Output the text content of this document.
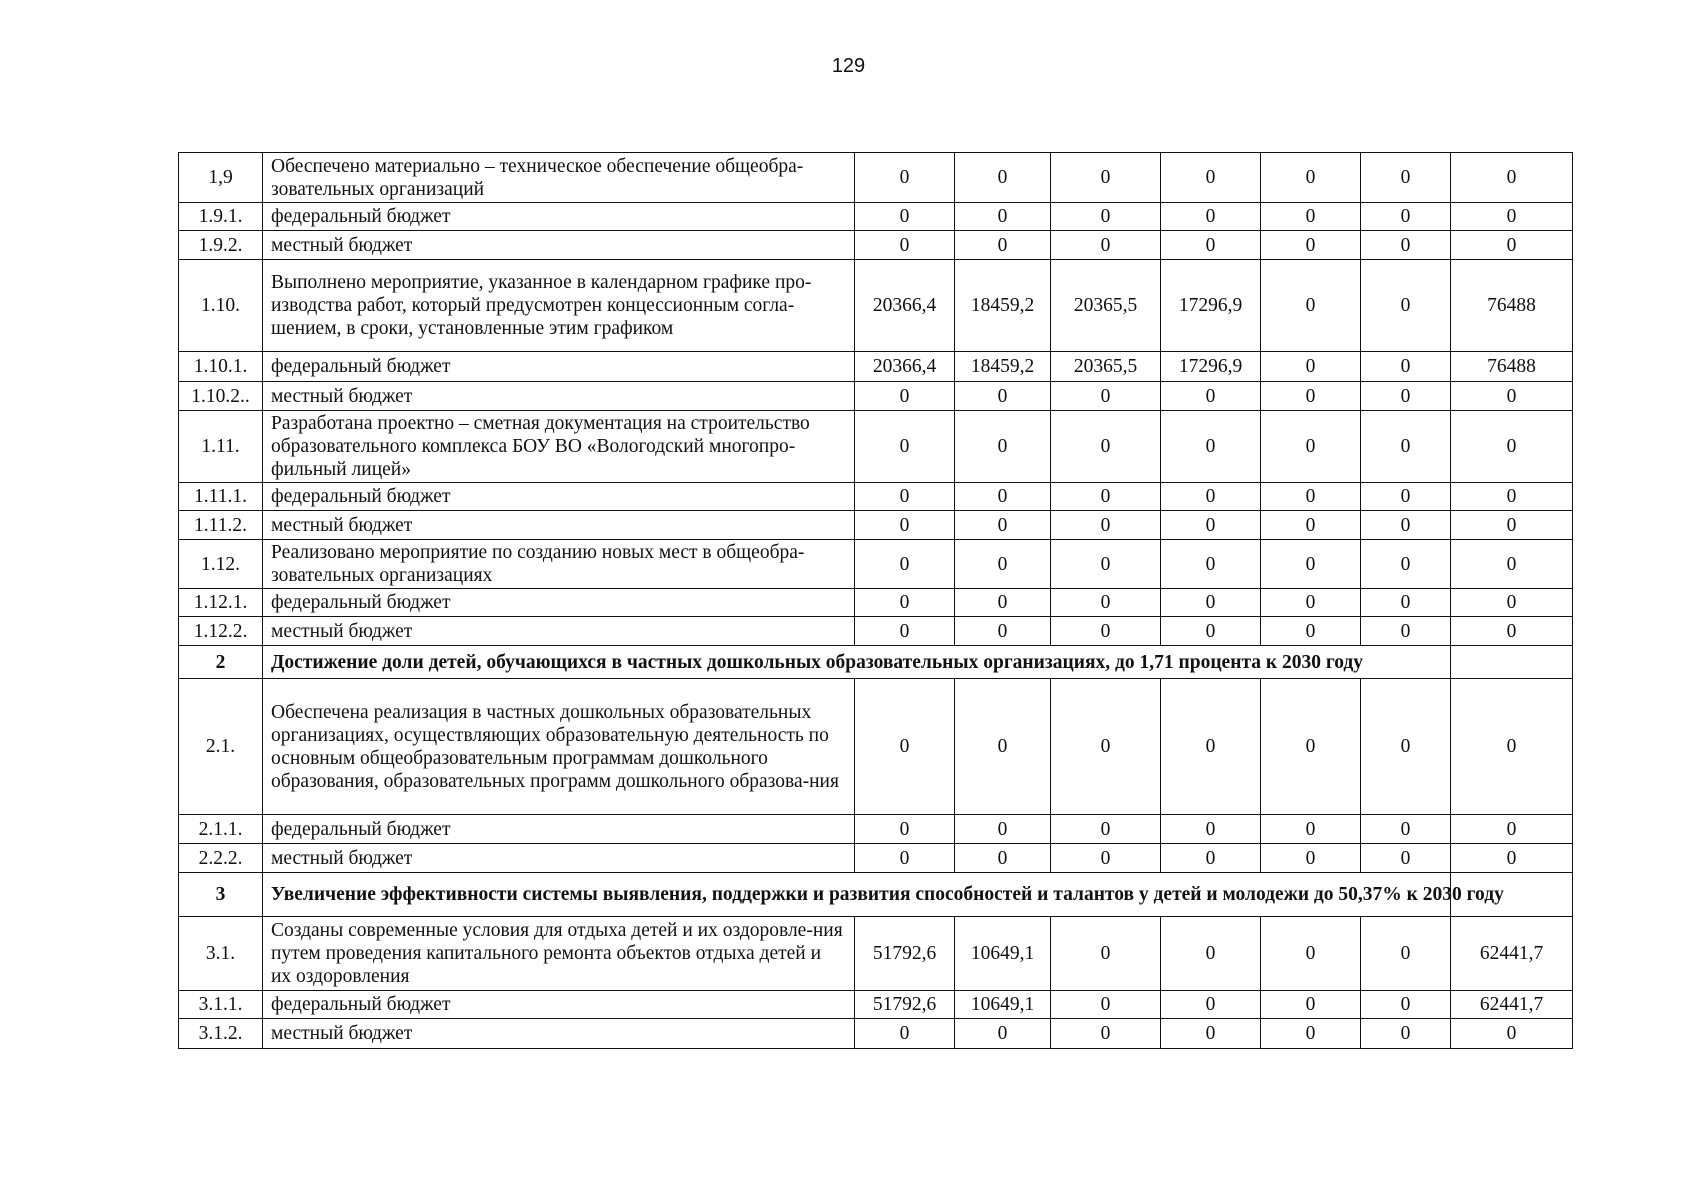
129
1,9	Обеспечено материально – техническое обеспечение общеобра-зовательных организаций	0	0	0	0	0	0	0
1.9.1.	федеральный бюджет	0	0	0	0	0	0	0
1.9.2.	местный бюджет	0	0	0	0	0	0	0
1.10.	Выполнено мероприятие, указанное в календарном графике про-изводства работ, который предусмотрен концессионным согла-шением, в сроки, установленные этим графиком	20366,4	18459,2	20365,5	17296,9	0	0	76488
1.10.1.	федеральный бюджет	20366,4	18459,2	20365,5	17296,9	0	0	76488
1.10.2..	местный бюджет	0	0	0	0	0	0	0
1.11.	Разработана проектно – сметная документация на строительство образовательного комплекса БОУ ВО «Вологодский многопро-фильный лицей»	0	0	0	0	0	0	0
1.11.1.	федеральный бюджет	0	0	0	0	0	0	0
1.11.2.	местный бюджет	0	0	0	0	0	0	0
1.12.	Реализовано мероприятие по созданию новых мест в общеобра-зовательных организациях	0	0	0	0	0	0	0
1.12.1.	федеральный бюджет	0	0	0	0	0	0	0
1.12.2.	местный бюджет	0	0	0	0	0	0	0
2	Достижение доли детей, обучающихся в частных дошкольных образовательных организациях, до 1,71 процента к 2030 году							
2.1.	Обеспечена реализация в частных дошкольных образовательных организациях, осуществляющих образовательную деятельность по основным общеобразовательным программам дошкольного образования, образовательных программ дошкольного образова-ния	0	0	0	0	0	0	0
2.1.1.	федеральный бюджет	0	0	0	0	0	0	0
2.2.2.	местный бюджет	0	0	0	0	0	0	0
3	Увеличение эффективности системы выявления, поддержки и развития способностей и талантов у детей и молодежи до 50,37% к 2030 году							
3.1.	Созданы современные условия для отдыха детей и их оздоровле-ния путем проведения капитального ремонта объектов отдыха детей и их оздоровления	51792,6	10649,1	0	0	0	0	62441,7
3.1.1.	федеральный бюджет	51792,6	10649,1	0	0	0	0	62441,7
3.1.2.	местный бюджет	0	0	0	0	0	0	0
